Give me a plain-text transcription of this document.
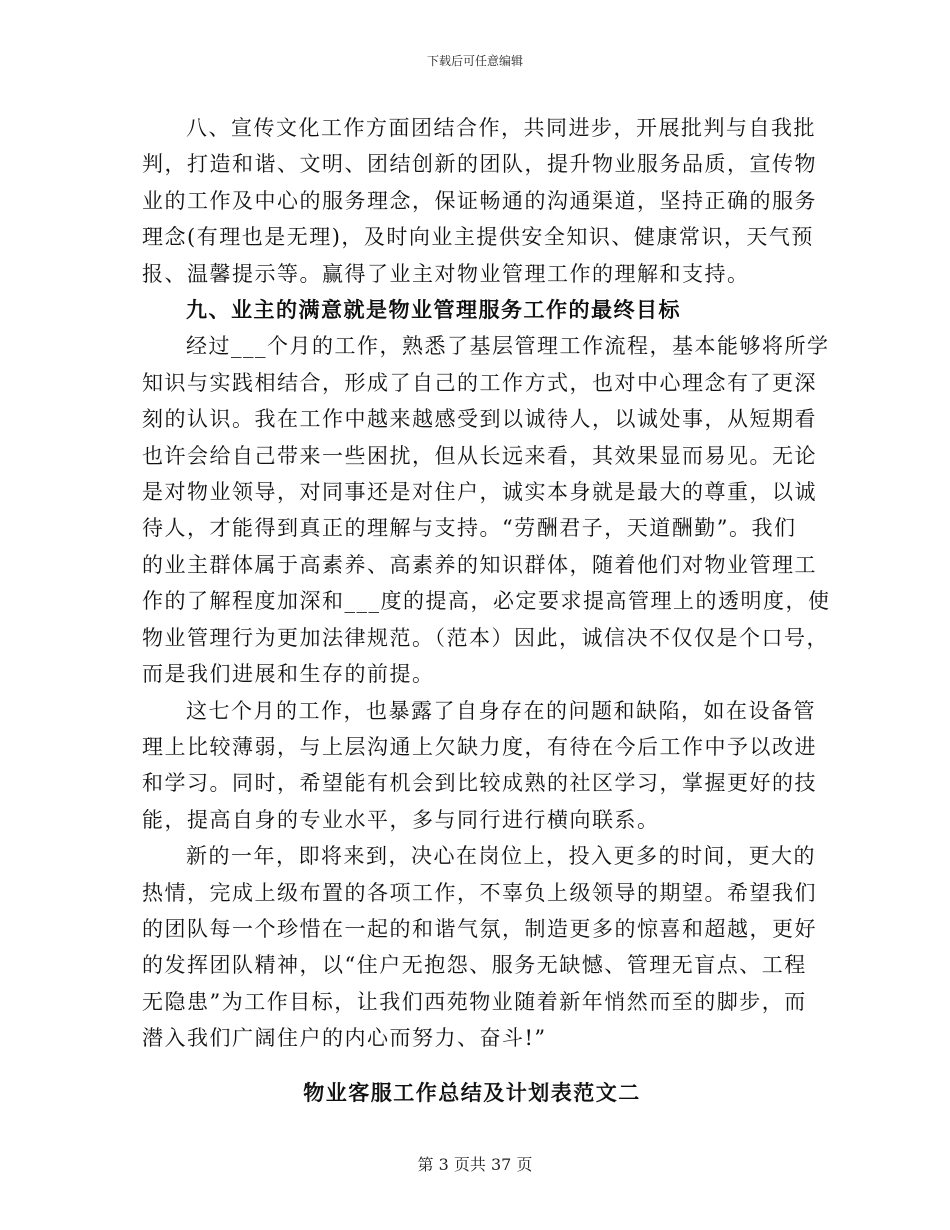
下载后可任意编辑
八、宣传文化工作方面团结合作，共同进步，开展批判与自我批
判，打造和谐、文明、团结创新的团队，提升物业服务品质，宣传物
业的工作及中心的服务理念，保证畅通的沟通渠道，坚持正确的服务
理念(有理也是无理)，及时向业主提供安全知识、健康常识，天气预
报、温馨提示等。赢得了业主对物业管理工作的理解和支持。
九、业主的满意就是物业管理服务工作的最终目标
经过___个月的工作，熟悉了基层管理工作流程，基本能够将所学
知识与实践相结合，形成了自己的工作方式，也对中心理念有了更深
刻的认识。我在工作中越来越感受到以诚待人，以诚处事，从短期看
也许会给自己带来一些困扰，但从长远来看，其效果显而易见。无论
是对物业领导，对同事还是对住户，诚实本身就是最大的尊重，以诚
待人，才能得到真正的理解与支持。“劳酬君子，天道酬勤”。我们
的业主群体属于高素养、高素养的知识群体，随着他们对物业管理工
作的了解程度加深和___度的提高，必定要求提高管理上的透明度，使
物业管理行为更加法律规范。（范本）因此，诚信决不仅仅是个口号，
而是我们进展和生存的前提。
这七个月的工作，也暴露了自身存在的问题和缺陷，如在设备管
理上比较薄弱，与上层沟通上欠缺力度，有待在今后工作中予以改进
和学习。同时，希望能有机会到比较成熟的社区学习，掌握更好的技
能，提高自身的专业水平，多与同行进行横向联系。
新的一年，即将来到，决心在岗位上，投入更多的时间，更大的
热情，完成上级布置的各项工作，不辜负上级领导的期望。希望我们
的团队每一个珍惜在一起的和谐气氛，制造更多的惊喜和超越，更好
的发挥团队精神，以“住户无抱怨、服务无缺憾、管理无盲点、工程
无隐患”为工作目标，让我们西苑物业随着新年悄然而至的脚步，而
潜入我们广阔住户的内心而努力、奋斗!”
物业客服工作总结及计划表范文二
第 3 页共 37 页
